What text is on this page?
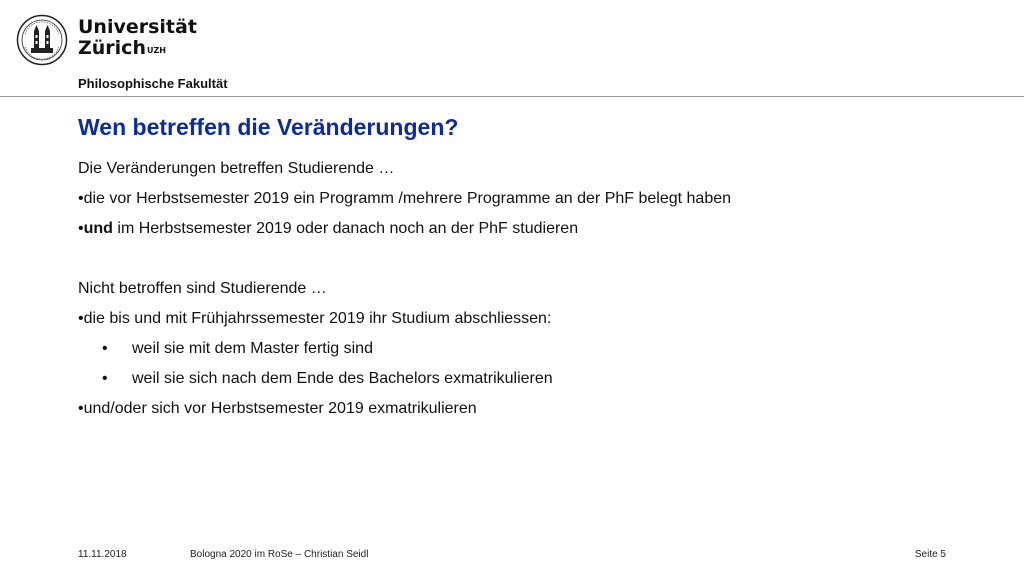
Universität
Zürich$^{UZH}$
Philosophische Fakultät
Wen betreffen die Veränderungen?
Die Veränderungen betreffen Studierende …
•die vor Herbstsemester 2019 ein Programm /mehrere Programme an der PhF belegt haben
•und im Herbstsemester 2019 oder danach noch an der PhF studieren
Nicht betroffen sind Studierende …
•die bis und mit Frühjahrssemester 2019 ihr Studium abschliessen:
• weil sie mit dem Master fertig sind
• weil sie sich nach dem Ende des Bachelors exmatrikulieren
•und/oder sich vor Herbstsemester 2019 exmatrikulieren
11.11.2018	Bologna 2020 im RoSe – Christian Seidl	Seite 5
